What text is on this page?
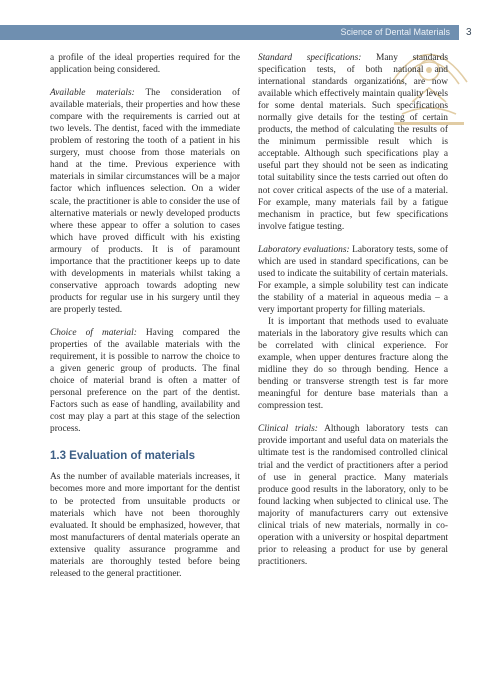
Science of Dental Materials 3

a profile of the ideal properties required for the application being considered.

Available materials: The consideration of available materials, their properties and how these compare with the requirements is carried out at two levels. The dentist, faced with the immediate problem of restoring the tooth of a patient in his surgery, must choose from those materials on hand at the time. Previous experience with materials in similar circumstances will be a major factor which influences selection. On a wider scale, the practitioner is able to consider the use of alternative materials or newly developed products where these appear to offer a solution to cases which have proved difficult with his existing armoury of products. It is of paramount importance that the practitioner keeps up to date with developments in materials whilst taking a conservative approach towards adopting new products for regular use in his surgery until they are properly tested.

Choice of material: Having compared the properties of the available materials with the requirement, it is possible to narrow the choice to a given generic group of products. The final choice of material brand is often a matter of personal preference on the part of the dentist. Factors such as ease of handling, availability and cost may play a part at this stage of the selection process.

1.3 Evaluation of materials

As the number of available materials increases, it becomes more and more important for the dentist to be protected from unsuitable products or materials which have not been thoroughly evaluated. It should be emphasized, however, that most manufacturers of dental materials operate an extensive quality assurance programme and materials are thoroughly tested before being released to the general practitioner.

Standard specifications: Many standards specification tests, of both national and international standards organizations, are now available which effectively maintain quality levels for some dental materials. Such specifications normally give details for the testing of certain products, the method of calculating the results of the minimum permissible result which is acceptable. Although such specifications play a useful part they should not be seen as indicating total suitability since the tests carried out often do not cover critical aspects of the use of a material. For example, many materials fail by a fatigue mechanism in practice, but few specifications involve fatigue testing.

Laboratory evaluations: Laboratory tests, some of which are used in standard specifications, can be used to indicate the suitability of certain materials. For example, a simple solubility test can indicate the stability of a material in aqueous media – a very important property for filling materials.

It is important that methods used to evaluate materials in the laboratory give results which can be correlated with clinical experience. For example, when upper dentures fracture along the midline they do so through bending. Hence a bending or transverse strength test is far more meaningful for denture base materials than a compression test.

Clinical trials: Although laboratory tests can provide important and useful data on materials the ultimate test is the randomised controlled clinical trial and the verdict of practitioners after a period of use in general practice. Many materials produce good results in the laboratory, only to be found lacking when subjected to clinical use. The majority of manufacturers carry out extensive clinical trials of new materials, normally in co-operation with a university or hospital department prior to releasing a product for use by general practitioners.
